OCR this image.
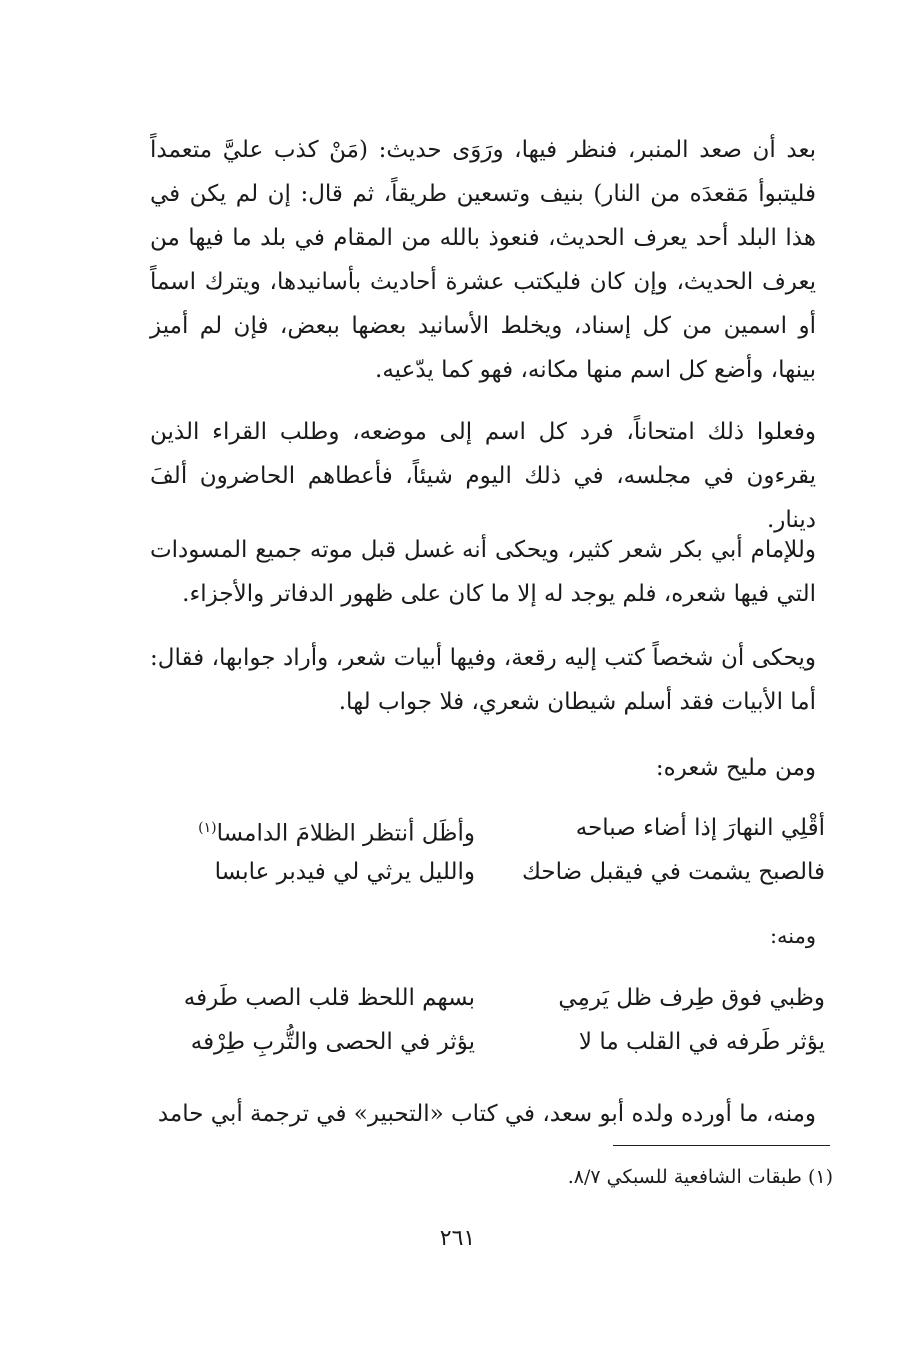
بعد أن صعد المنبر، فنظر فيها، ورَوَى حديث: (مَنْ كذب عليَّ متعمداً فليتبوأ مَقعدَه من النار) بنيف وتسعين طريقاً، ثم قال: إن لم يكن في هذا البلد أحد يعرف الحديث، فنعوذ بالله من المقام في بلد ما فيها من يعرف الحديث، وإن كان فليكتب عشرة أحاديث بأسانيدها، ويترك اسماً أو اسمين من كل إسناد، ويخلط الأسانيد بعضها ببعض، فإن لم أميز بينها، وأضع كل اسم منها مكانه، فهو كما يدّعيه.

وفعلوا ذلك امتحاناً، فرد كل اسم إلى موضعه، وطلب القراء الذين يقرءون في مجلسه، في ذلك اليوم شيئاً، فأعطاهم الحاضرون ألفَ دينار.

وللإمام أبي بكر شعر كثير، ويحكى أنه غسل قبل موته جميع المسودات التي فيها شعره، فلم يوجد له إلا ما كان على ظهور الدفاتر والأجزاء.

ويحكى أن شخصاً كتب إليه رقعة، وفيها أبيات شعر، وأراد جوابها، فقال: أما الأبيات فقد أسلم شيطان شعري، فلا جواب لها.

ومن مليح شعره:

أقْلِي النهارَ إذا أضاء صباحه
وأظَل أنتظر الظلامَ الدامسا$^{(١)}$
فالصبح يشمت في فيقبل ضاحك
والليل يرثي لي فيدبر عابسا

ومنه:

وظبي فوق طِرف ظل يَرمِي
بسهم اللحظ قلب الصب طَرفه
يؤثر طَرفه في القلب ما لا
يؤثر في الحصى والتُّربِ طِرْفه

ومنه، ما أورده ولده أبو سعد، في كتاب «التحبير» في ترجمة أبي حامد

(١) طبقات الشافعية للسبكي ٨/٧.
٢٦١
